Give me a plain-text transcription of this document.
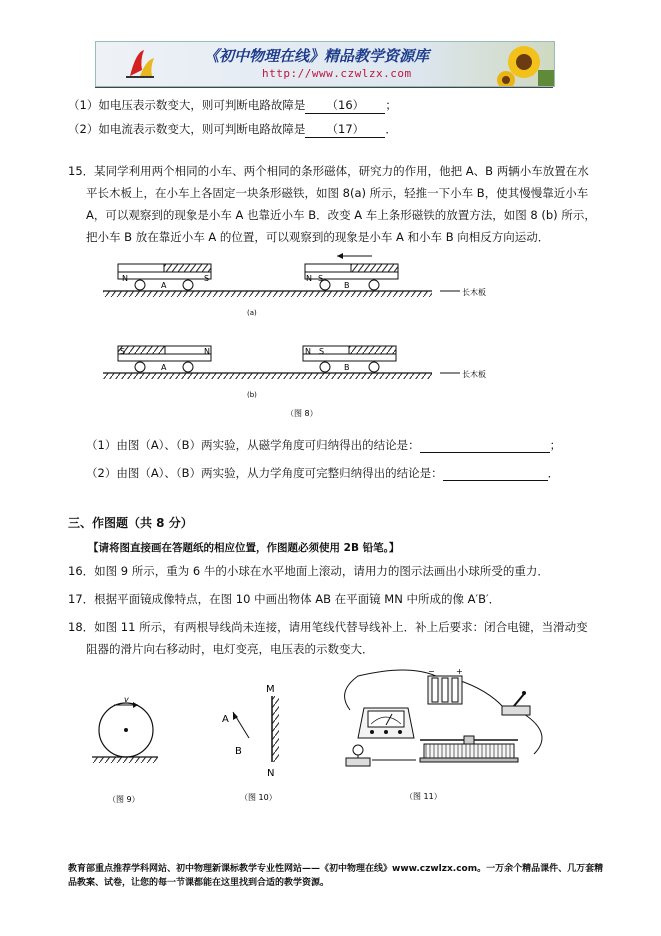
《初中物理在线》精品教学资源库
http://www.czwlzx.com
（1）如电压表示数变大，则可判断电路故障是 （16） ；
（2）如电流表示数变大，则可判断电路故障是 （17） ．
15．某同学利用两个相同的小车、两个相同的条形磁体，研究力的作用，他把 A、B 两辆小车放置在水
平长木板上，在小车上各固定一块条形磁铁，如图 8(a) 所示，轻推一下小车 B，使其慢慢靠近小车
A，可以观察到的现象是小车 A 也靠近小车 B．改变 A 车上条形磁铁的放置方法，如图 8 (b) 所示，
把小车 B 放在靠近小车 A 的位置，可以观察到的现象是小车 A 和小车 B 向相反方向运动．
N	S
A
N S
B
长木板
(a)
S	N
A
N S
B
长木板
(b)
（图 8）
（1）由图（A）、（B）两实验，从磁学角度可归纳得出的结论是：	；
（2）由图（A）、（B）两实验，从力学角度可完整归纳得出的结论是：	．
三、作图题（共 8 分）
【请将图直接画在答题纸的相应位置，作图题必须使用 2B 铅笔。】
16．如图 9 所示，重为 6 牛的小球在水平地面上滚动，请用力的图示法画出小球所受的重力．
17．根据平面镜成像特点，在图 10 中画出物体 AB 在平面镜 MN 中所成的像 A′B′．
18．如图 11 所示，有两根导线尚未连接，请用笔线代替导线补上．补上后要求：闭合电键，当滑动变
阻器的滑片向右移动时，电灯变亮，电压表的示数变大．
v
（图 9）
M
N
A
B
（图 10）
−	+
（图 11）
教育部重点推荐学科网站、初中物理新课标教学专业性网站——《初中物理在线》www.czwlzx.com。一万余个精品课件、几万套精品教案、试卷，让您的每一节课都能在这里找到合适的教学资源。
